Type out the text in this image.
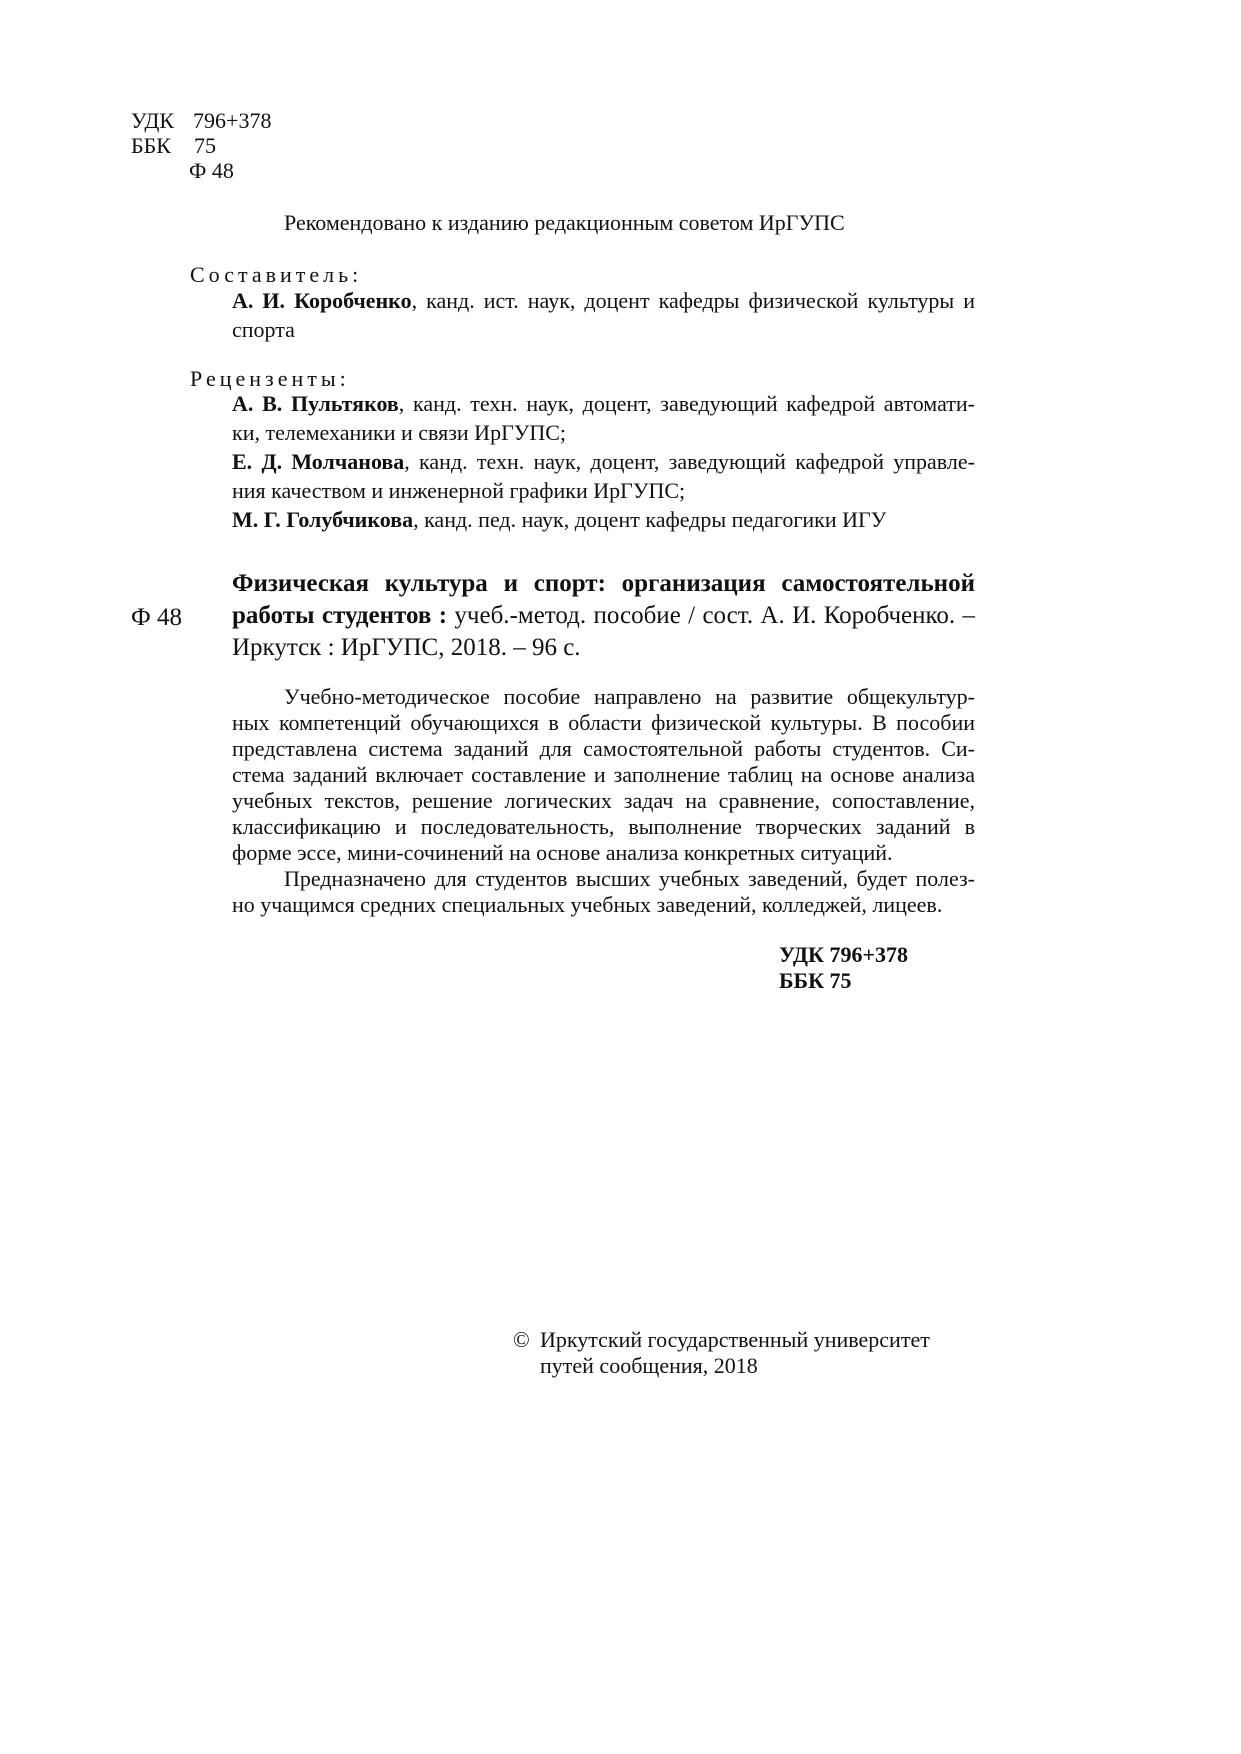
УДК 796+378
ББК 75
Ф 48
Рекомендовано к изданию редакционным советом ИрГУПС
Составитель:
А. И. Коробченко, канд. ист. наук, доцент кафедры физической культуры и
спорта
Рецензенты:
А. В. Пультяков, канд. техн. наук, доцент, заведующий кафедрой автомати-
ки, телемеханики и связи ИрГУПС;
Е. Д. Молчанова, канд. техн. наук, доцент, заведующий кафедрой управле-
ния качеством и инженерной графики ИрГУПС;
М. Г. Голубчикова, канд. пед. наук, доцент кафедры педагогики ИГУ
Ф 48
Физическая культура и спорт: организация самостоятельной
работы студентов : учеб.-метод. пособие / сост. А. И. Коробченко. –
Иркутск : ИрГУПС, 2018. – 96 с.
Учебно-методическое пособие направлено на развитие общекультур-
ных компетенций обучающихся в области физической культуры. В пособии
представлена система заданий для самостоятельной работы студентов. Си-
стема заданий включает составление и заполнение таблиц на основе анализа
учебных текстов, решение логических задач на сравнение, сопоставление,
классификацию и последовательность, выполнение творческих заданий в
форме эссе, мини-сочинений на основе анализа конкретных ситуаций.
Предназначено для студентов высших учебных заведений, будет полез-
но учащимся средних специальных учебных заведений, колледжей, лицеев.
УДК 796+378
ББК 75
© Иркутский государственный университет
путей сообщения, 2018
